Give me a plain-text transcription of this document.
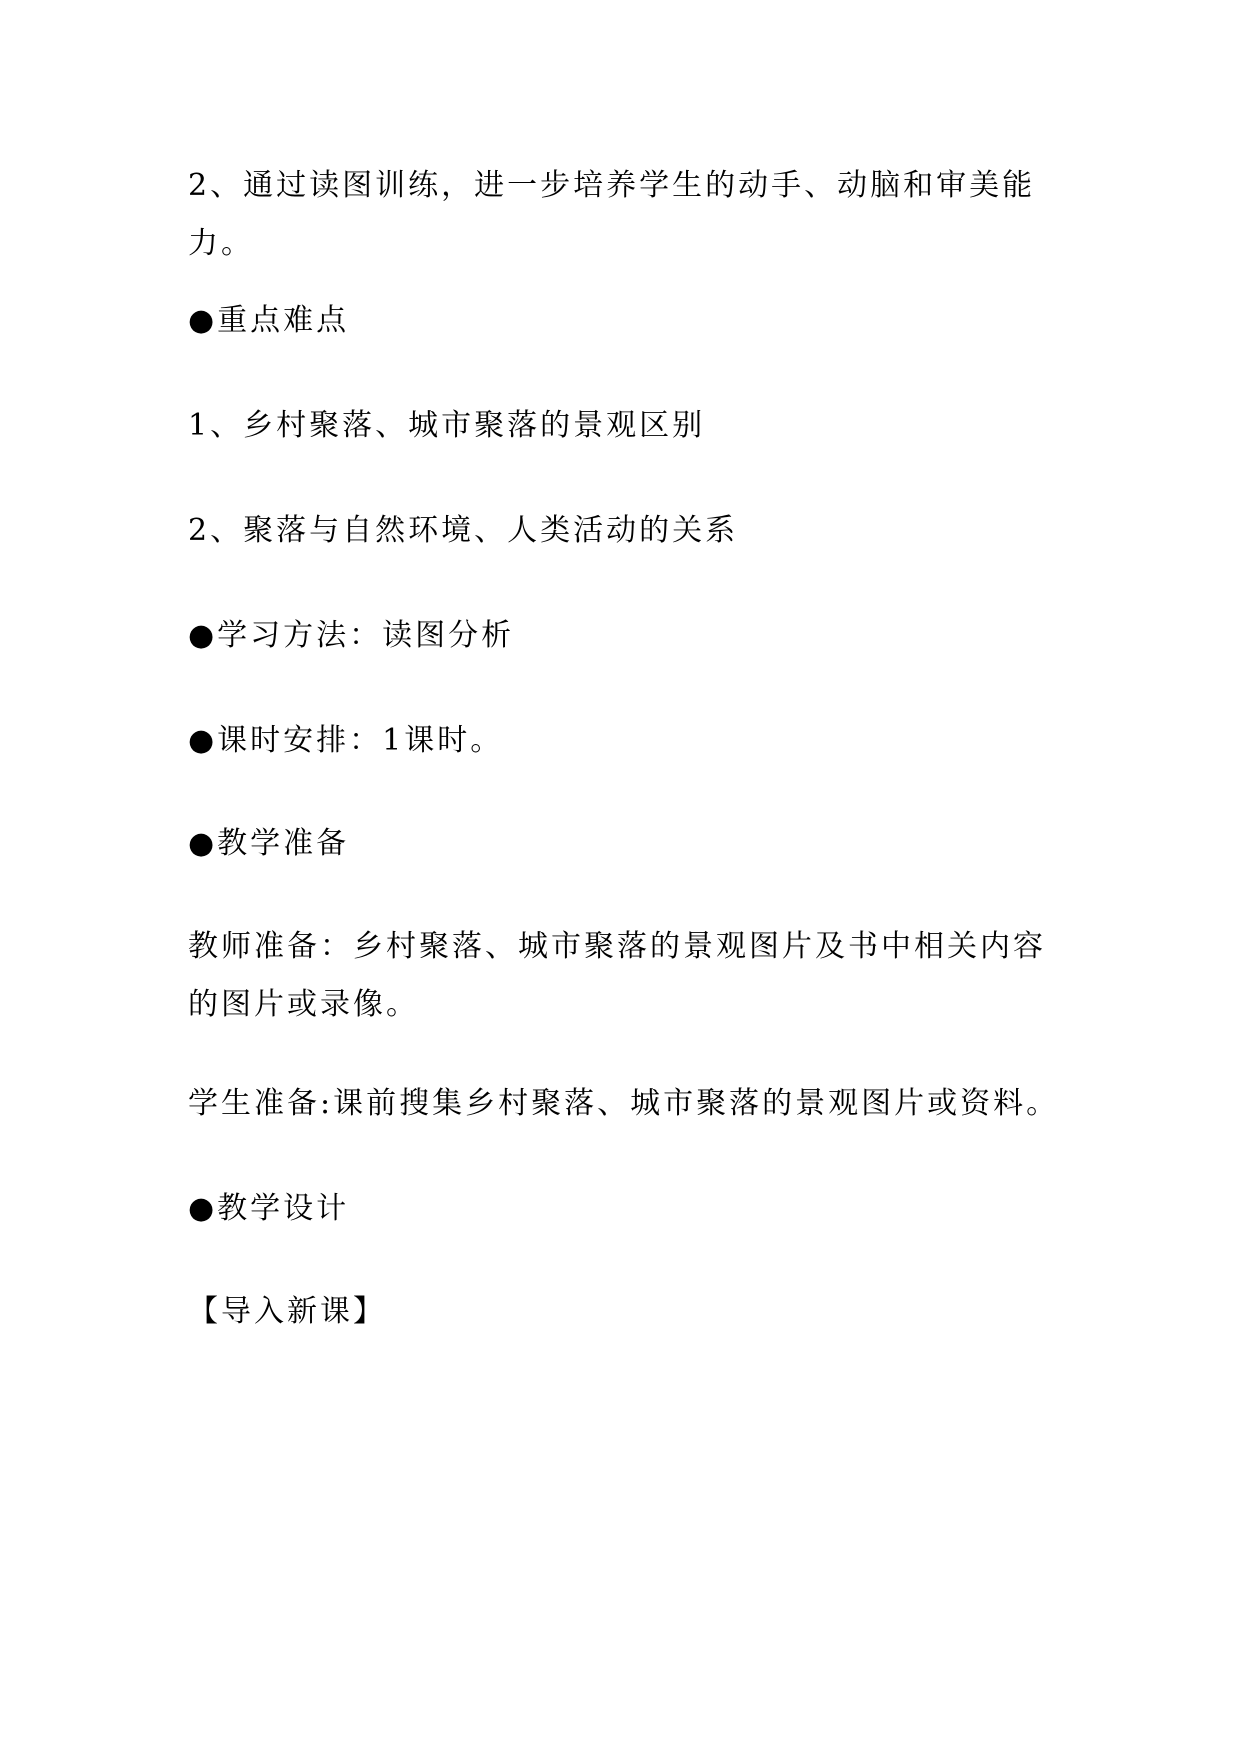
2、通过读图训练，进一步培养学生的动手、动脑和审美能力。
●重点难点
1、乡村聚落、城市聚落的景观区别
2、聚落与自然环境、人类活动的关系
●学习方法：读图分析
●课时安排：1课时。
●教学准备
教师准备：乡村聚落、城市聚落的景观图片及书中相关内容的图片或录像。
学生准备:课前搜集乡村聚落、城市聚落的景观图片或资料。
●教学设计
【导入新课】
